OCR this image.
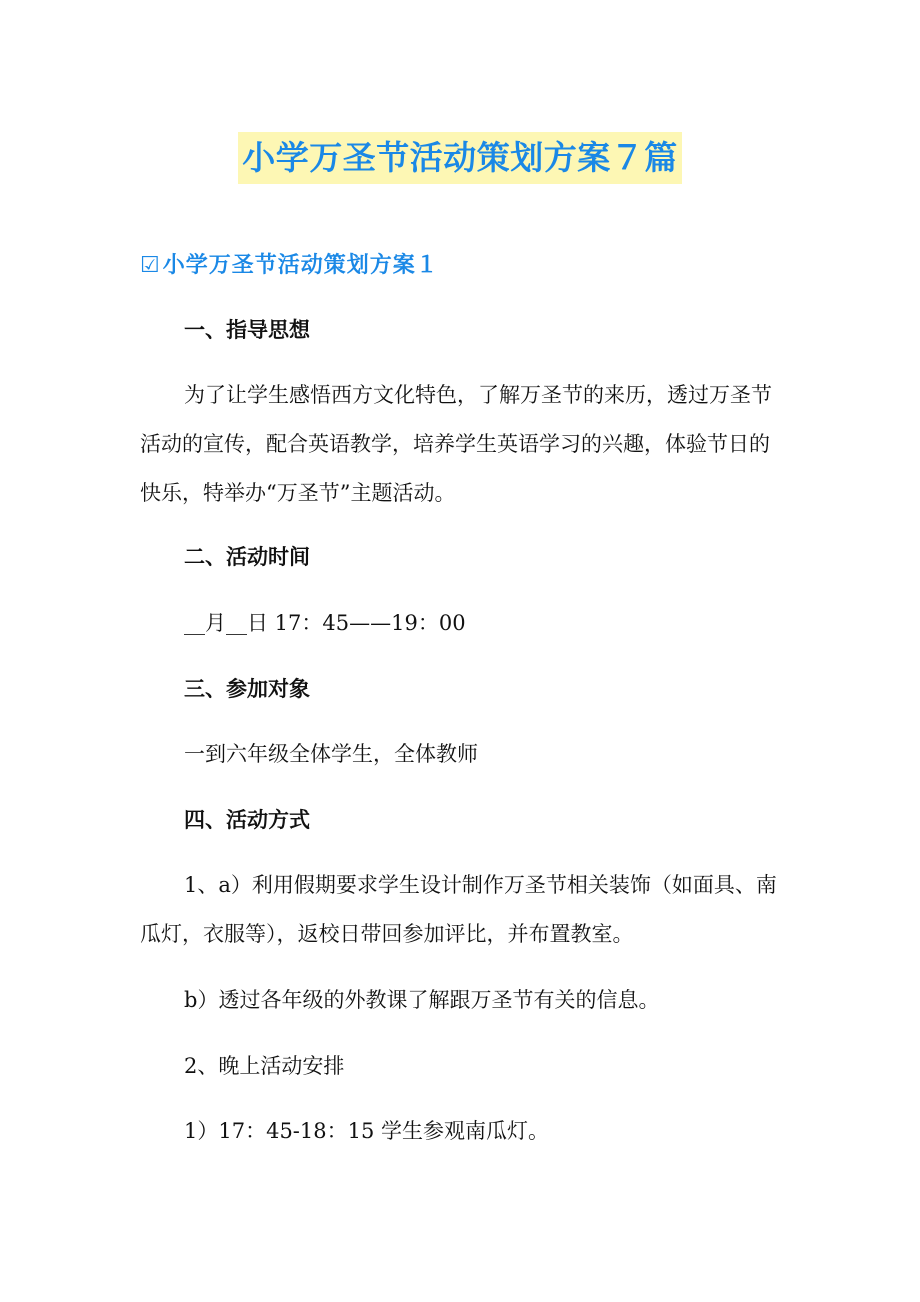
小学万圣节活动策划方案７篇
☑小学万圣节活动策划方案１
一、指导思想

为了让学生感悟西方文化特色，了解万圣节的来历，透过万圣节活动的宣传，配合英语教学，培养学生英语学习的兴趣，体验节日的快乐，特举办“万圣节”主题活动。

二、活动时间

__月__日 17：45——19：00

三、参加对象

一到六年级全体学生，全体教师

四、活动方式

1、a）利用假期要求学生设计制作万圣节相关装饰（如面具、南瓜灯，衣服等），返校日带回参加评比，并布置教室。

b）透过各年级的外教课了解跟万圣节有关的信息。

2、晚上活动安排

1）17：45-18：15 学生参观南瓜灯。
